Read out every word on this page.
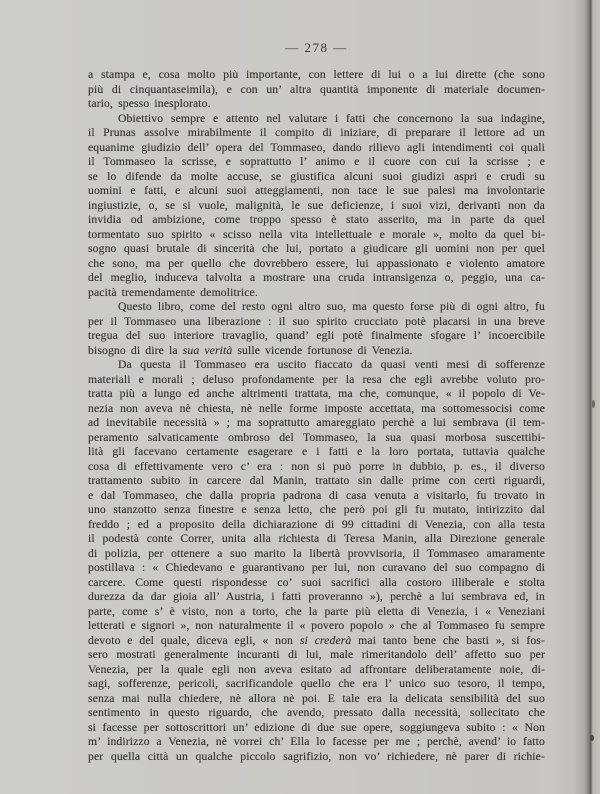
— 278 —
a stampa e, cosa molto più importante, con lettere di lui o a lui dirette (che sono
più di cinquantaseimila), e con un’ altra quantità imponente di materiale documen-
tario, spesso inesplorato.
Obiettivo sempre e attento nel valutare i fatti che concernono la sua indagine,
il Prunas assolve mirabilmente il compito di iniziare, di preparare il lettore ad un
equanime giudizio dell’ opera del Tommaseo, dando rilievo agli intendimenti coi quali
il Tommaseo la scrisse, e soprattutto l’ animo e il cuore con cui la scrisse ; e
se lo difende da molte accuse, se giustifica alcuni suoi giudizi aspri e crudi su
uomini e fatti, e alcuni suoi atteggiamenti, non tace le sue palesi ma involontarie
ingiustizie, o, se si vuole, malignità, le sue deficienze, i suoi vizi, derivanti non da
invidia od ambizione, come troppo spesso è stato asserito, ma in parte da quel
tormentato suo spirito « scisso nella vita intellettuale e morale », molto da quel bi-
sogno quasi brutale di sincerità che lui, portato a giudicare gli uomini non per quel
che sono, ma per quello che dovrebbero essere, lui appassionato e violento amatore
del meglio, induceva talvolta a mostrare una cruda intransigenza o, peggio, una ca-
pacità tremendamente demolitrice.
Questo libro, come del resto ogni altro suo, ma questo forse più di ogni altro, fu
per il Tommaseo una liberazione : il suo spirito crucciato potè placarsi in una breve
tregua del suo interiore travaglio, quand’ egli potè finalmente sfogare l’ incoercibile
bisogno di dire la sua verità sulle vicende fortunose di Venezia.
Da questa il Tommaseo era uscito fiaccato da quasi venti mesi di sofferenze
materiali e morali ; deluso profondamente per la resa che egli avrebbe voluto pro-
tratta più a lungo ed anche altrimenti trattata, ma che, comunque, « il popolo di Ve-
nezia non aveva nè chiesta, nè nelle forme imposte accettata, ma sottomessocisi come
ad inevitabile necessità » ; ma soprattutto amareggiato perchè a lui sembrava (il tem-
peramento salvaticamente ombroso del Tommaseo, la sua quasi morbosa suscettibi-
lità gli facevano certamente esagerare e i fatti e la loro portata, tuttavia qualche
cosa di effettivamente vero c’ era : non si può porre in dubbio, p. es., il diverso
trattamento subito in carcere dal Manin, trattato sin dalle prime con certi riguardi,
e dal Tommaseo, che dalla propria padrona di casa venuta a visitarlo, fu trovato in
uno stanzotto senza finestre e senza letto, che però poi gli fu mutato, intirizzito dal
freddo ; ed a proposito della dichiarazione di 99 cittadini di Venezia, con alla testa
il podestà conte Correr, unita alla richiesta di Teresa Manin, alla Direzione generale
di polizia, per ottenere a suo marito la libertà provvisoria, il Tommaseo amaramente
postillava : « Chiedevano e guarantivano per lui, non curavano del suo compagno di
carcere. Come questi rispondesse co’ suoi sacrifici alla costoro illiberale e stolta
durezza da dar gioia all’ Austria, i fatti proveranno »), perchè a lui sembrava ed, in
parte, come s’ è visto, non a torto, che la parte più eletta di Venezia, i « Veneziani
letterati e signori », non naturalmente il « povero popolo » che al Tommaseo fu sempre
devoto e del quale, diceva egli, « non si crederà mai tanto bene che basti », si fos-
sero mostrati generalmente incuranti di lui, male rimeritandolo dell’ affetto suo per
Venezia, per la quale egli non aveva esitato ad affrontare deliberatamente noie, di-
sagi, sofferenze, pericoli, sacrificandole quello che era l’ unico suo tesoro, il tempo,
senza mai nulla chiedere, nè allora nè poi. E tale era la delicata sensibilità del suo
sentimento in questo riguardo, che avendo, pressato dalla necessità, sollecitato che
si facesse per sottoscrittori un’ edizione di due sue opere, soggiungeva subito : « Non
m’ indirizzo a Venezia, nè vorrei ch’ Ella lo facesse per me ; perchè, avend’ io fatto
per quella città un qualche piccolo sagrifizio, non vo’ richiedere, nè parer di richie-
